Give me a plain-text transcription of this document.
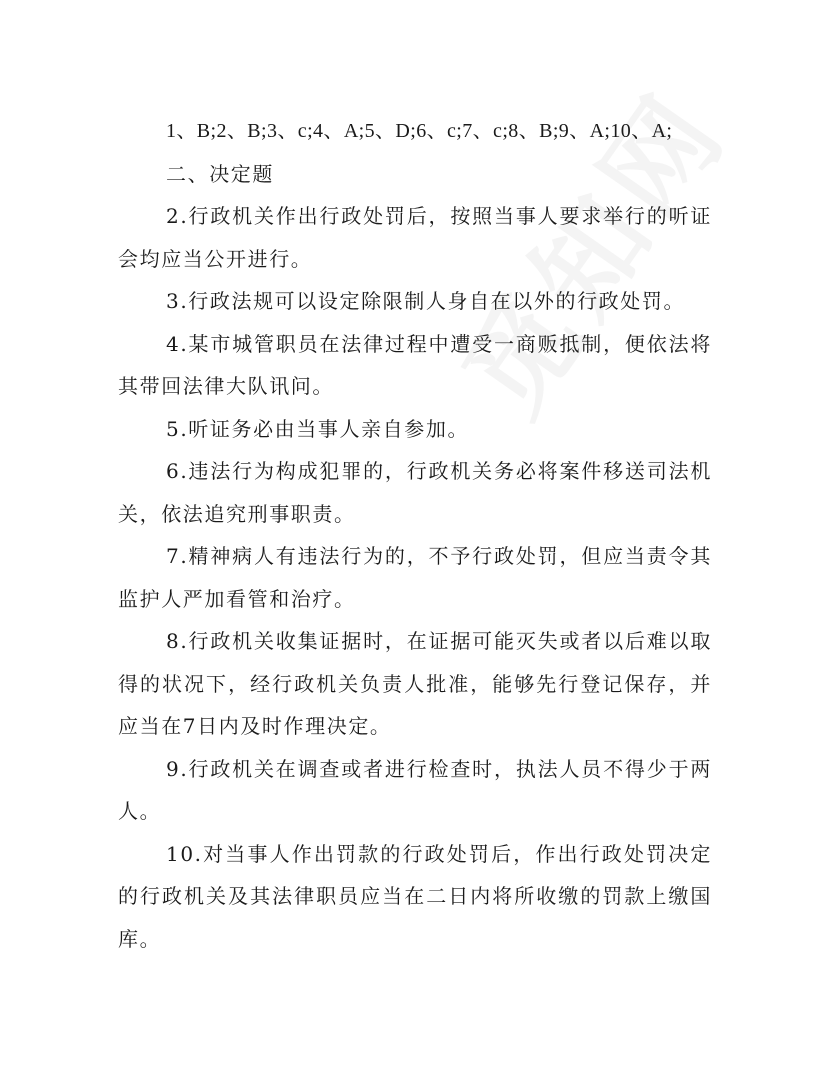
1、B;2、B;3、c;4、A;5、D;6、c;7、c;8、B;9、A;10、A;
二、决定题
2.行政机关作出行政处罚后，按照当事人要求举行的听证
会均应当公开进行。
3.行政法规可以设定除限制人身自在以外的行政处罚。
4.某市城管职员在法律过程中遭受一商贩抵制，便依法将
其带回法律大队讯问。
5.听证务必由当事人亲自参加。
6.违法行为构成犯罪的，行政机关务必将案件移送司法机
关，依法追究刑事职责。
7.精神病人有违法行为的，不予行政处罚，但应当责令其
监护人严加看管和治疗。
8.行政机关收集证据时，在证据可能灭失或者以后难以取
得的状况下，经行政机关负责人批准，能够先行登记保存，并
应当在7日内及时作理决定。
9.行政机关在调查或者进行检查时，执法人员不得少于两
人。
10.对当事人作出罚款的行政处罚后，作出行政处罚决定
的行政机关及其法律职员应当在二日内将所收缴的罚款上缴国
库。
